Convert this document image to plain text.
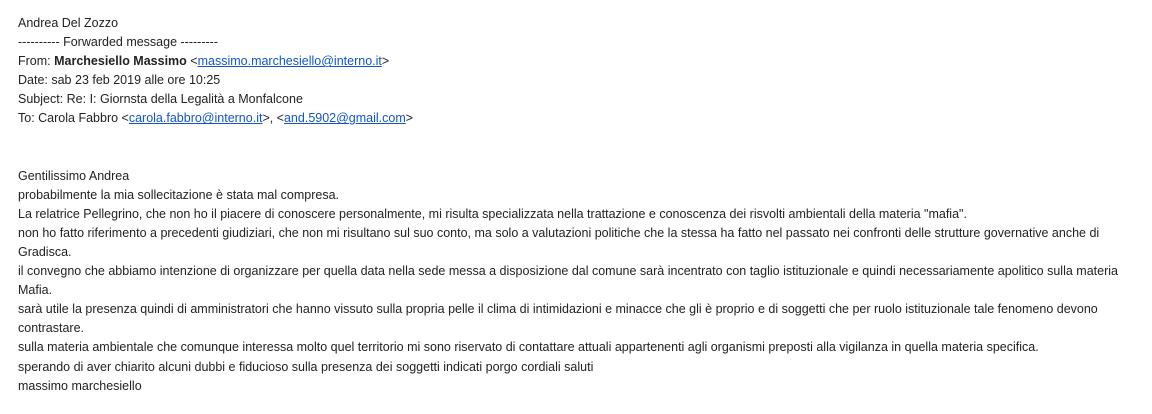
Andrea Del Zozzo
---------- Forwarded message ---------
From: Marchesiello Massimo <massimo.marchesiello@interno.it>
Date: sab 23 feb 2019 alle ore 10:25
Subject: Re: I: Giornsta della Legalità a Monfalcone
To: Carola Fabbro <carola.fabbro@interno.it>, <and.5902@gmail.com>
Gentilissimo Andrea
probabilmente la mia sollecitazione è stata mal compresa.
La relatrice Pellegrino, che non ho il piacere di conoscere personalmente, mi risulta specializzata nella trattazione e conoscenza dei risvolti ambientali della materia "mafia".
non ho fatto riferimento a precedenti giudiziari, che non mi risultano sul suo conto, ma solo a valutazioni politiche che la stessa ha fatto nel passato nei confronti delle strutture governative anche di Gradisca.
il convegno che abbiamo intenzione di organizzare per quella data nella sede messa a disposizione dal comune sarà incentrato con taglio istituzionale e quindi necessariamente apolitico sulla materia Mafia.
sarà utile la presenza quindi di amministratori che hanno vissuto sulla propria pelle il clima di intimidazioni e minacce che gli è proprio e di soggetti che per ruolo istituzionale tale fenomeno devono contrastare.
sulla materia ambientale che comunque interessa molto quel territorio mi sono riservato di contattare attuali appartenenti agli organismi preposti alla vigilanza in quella materia specifica.
sperando di aver chiarito alcuni dubbi e fiducioso sulla presenza dei soggetti indicati porgo cordiali saluti
massimo marchesiello
